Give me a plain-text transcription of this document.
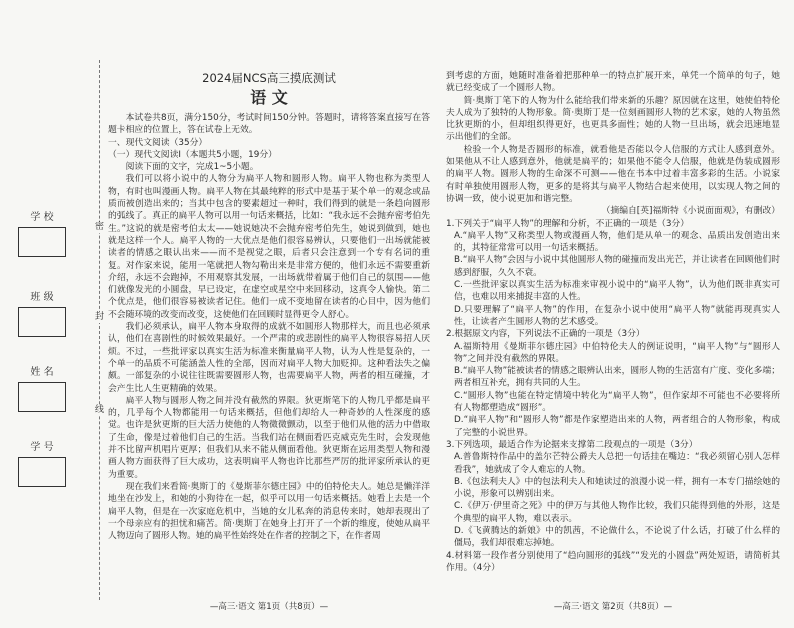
学 校
班 级
姓 名
学 号
密
封
线

2024届NCS高三摸底测试

语 文

本试卷共8页，满分150分，考试时间150分钟。答题时，请将答案直接写在答题卡相应的位置上，答在试卷上无效。

一、现代文阅读（35分）

（一）现代文阅读Ⅰ（本题共5小题，19分）

阅读下面的文字，完成1~5小题。

我们可以将小说中的人物分为扁平人物和圆形人物。扁平人物也称为类型人物，有时也叫漫画人物。扁平人物在其最纯粹的形式中是基于某个单一的观念或品质而被创造出来的；当其中包含的要素超过一种时，我们得到的就是一条趋向圆形的弧线了。真正的扁平人物可以用一句话来概括，比如：“我永远不会抛弃密考伯先生。”这说的就是密考伯太太——她说她决不会抛弃密考伯先生，她说到做到，她也就是这样一个人。扁平人物的一大优点是他们很容易辨认，只要他们一出场就能被读者的情感之眼认出来——而不是视觉之眼，后者只会注意到一个专有名词的重复。对作家来说，能用一笔就把人物勾勒出来是非常方便的，他们永远不需要重新介绍，永远不会跑掉，不用观察其发展，一出场就带着属于他们自己的氛围——他们就像发光的小圆盘，早已设定，在虚空或星空中来回移动，这真令人愉快。第二个优点是，他们很容易被读者记住。他们一成不变地留在读者的心目中，因为他们不会随环境的改变而改变，这使他们在回顾时显得更令人舒心。

我们必须承认，扁平人物本身取得的成就不如圆形人物那样大，而且也必须承认，他们在喜剧性的时候效果最好。一个严肃的或悲剧性的扁平人物很容易招人厌烦。不过，一些批评家以真实生活为标准来衡量扁平人物，认为人性是复杂的，一个单一的品质不可能涵盖人性的全部，因而对扁平人物大加贬抑。这种看法失之偏颇。一部复杂的小说往往既需要圆形人物，也需要扁平人物，两者的相互碰撞，才会产生比人生更精确的效果。

扁平人物与圆形人物之间并没有截然的界限。狄更斯笔下的人物几乎都是扁平的，几乎每个人物都能用一句话来概括，但他们却给人一种奇妙的人性深度的感觉。也许是狄更斯的巨大活力使他的人物微微颤动，以至于他们从他的活力中借取了生命，像是过着他们自己的生活。当我们站在侧面看匹克威克先生时，会发现他并不比留声机唱片更厚；但我们从来不能从侧面看他。狄更斯在运用类型人物和漫画人物方面获得了巨大成功，这表明扁平人物也许比那些严厉的批评家所承认的更为重要。

现在我们来看简·奥斯丁的《曼斯菲尔德庄园》中的伯特伦夫人。她总是懒洋洋地坐在沙发上，和她的小狗待在一起，似乎可以用一句话来概括。她看上去是一个扁平人物，但是在一次家庭危机中，当她的女儿私奔的消息传来时，她却表现出了一个母亲应有的担忧和痛苦。简·奥斯丁在她身上打开了一个新的维度，使她从扁平人物迈向了圆形人物。她的扁平性始终处在作者的控制之下，在作者周

到考虑的方面，她随时准备着把那种单一的特点扩展开来，单凭一个简单的句子，她就已经变成了一个圆形人物。

简·奥斯丁笔下的人物为什么能给我们带来新的乐趣？原因就在这里，她使伯特伦夫人成为了独特的人物形象。简·奥斯丁是一位刻画圆形人物的艺术家，她的人物虽然比狄更斯的小，但却组织得更好，也更具多面性；她的人物一旦出场，就会迅速地显示出他们的全部。

检验一个人物是否圆形的标准，就看他是否能以令人信服的方式让人感到意外。如果他从不让人感到意外，他就是扁平的；如果他不能令人信服，他就是伪装成圆形的扁平人物。圆形人物的生命深不可测——他在书本中过着丰富多彩的生活。小说家有时单独使用圆形人物，更多的是将其与扁平人物结合起来使用，以实现人物之间的协调一致，使小说更加和谐完整。

（摘编自[英]福斯特《小说面面观》，有删改）

1.下列关于“扁平人物”的理解和分析，不正确的一项是（3分）

A.“扁平人物”又称类型人物或漫画人物，他们是从单一的观念、品质出发创造出来的，其特征常常可以用一句话来概括。

B.“扁平人物”会因与小说中其他圆形人物的碰撞而发出光芒，并让读者在回顾他们时感到舒服，久久不衰。

C.一些批评家以真实生活为标准来审视小说中的“扁平人物”，认为他们既非真实可信，也难以用来捕捉丰富的人性。

D.只要理解了“扁平人物”的作用，在复杂小说中使用“扁平人物”就能再现真实人性，让读者产生圆形人物的艺术感受。

2.根据原文内容，下列说法不正确的一项是（3分）

A.福斯特用《曼斯菲尔德庄园》中伯特伦夫人的例证说明，“扁平人物”与“圆形人物”之间并没有截然的界限。

B.“扁平人物”能被读者的情感之眼辨认出来，圆形人物的生活富有广度、变化多端；两者相互补充，拥有共同的人生。

C.“圆形人物”也能在特定情境中转化为“扁平人物”，但作家却不可能也不必要将所有人物都塑造成“圆形”。

D.“扁平人物”和“圆形人物”都是作家塑造出来的人物，两者组合的人物形象，构成了完整的小说世界。

3.下列选项，最适合作为论据来支撑第二段观点的一项是（3分）

A.普鲁斯特作品中的盖尔芒特公爵夫人总把一句话挂在嘴边：“我必须留心别人怎样看我”，她就成了令人难忘的人物。

B.《包法利夫人》中的包法利夫人和她读过的浪漫小说一样，拥有一本专门描绘她的小说，形象可以辨别出来。

C.《伊万·伊里奇之死》中的伊万与其他人物作比较，我们只能得到他的外形，这是个典型的扁平人物，难以表示。

D.《飞黄腾达的新娘》中的凯茜，不论做什么，不论说了什么话，打破了什么样的僵局，我们却很难忘掉她。

4.材料第一段作者分别使用了“趋向圆形的弧线”“发光的小圆盘”两处短语，请简析其作用。（4分）

—高三·语文 第1页（共8页）—	—高三·语文 第2页（共8页）—
